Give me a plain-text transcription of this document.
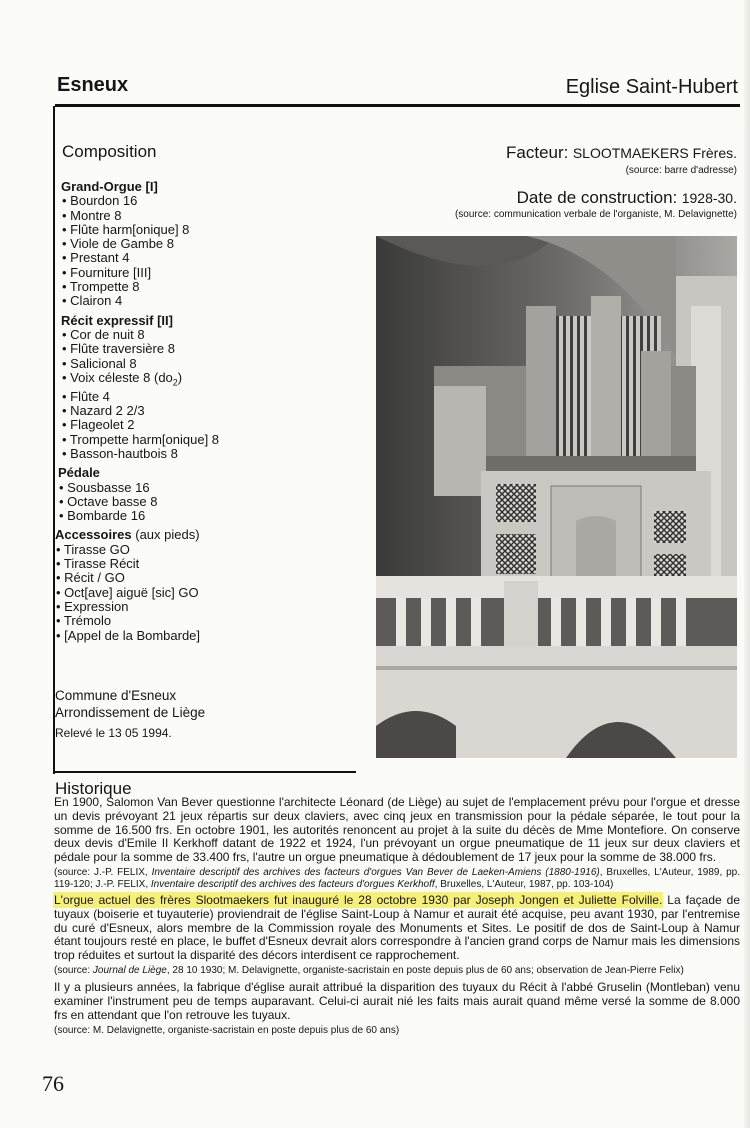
Esneux	Eglise Saint-Hubert
Composition
Grand-Orgue [I]
• Bourdon 16
• Montre 8
• Flûte harm[onique] 8
• Viole de Gambe 8
• Prestant 4
• Fourniture [III]
• Trompette 8
• Clairon 4
Récit expressif [II]
• Cor de nuit 8
• Flûte traversière 8
• Salicional 8
• Voix céleste 8 $(do_2)$
• Flûte 4
• Nazard 2 2/3
• Flageolet 2
• Trompette harm[onique] 8
• Basson-hautbois 8
Pédale
• Sousbasse 16
• Octave basse 8
• Bombarde 16
Accessoires (aux pieds)
• Tirasse GO
• Tirasse Récit
• Récit / GO
• Oct[ave] aiguë [sic] GO
• Expression
• Trémolo
• [Appel de la Bombarde]
Commune d'Esneux
Arrondissement de Liège
Relevé le 13 05 1994.
Facteur: SLOOTMAEKERS Frères.
(source: barre d'adresse)
Date de construction: 1928-30.
(source: communication verbale de l'organiste, M. Delavignette)
Historique

En 1900, Salomon Van Bever questionne l'architecte Léonard (de Liège) au sujet de l'emplacement prévu pour l'orgue et dresse un devis prévoyant 21 jeux répartis sur deux claviers, avec cinq jeux en transmission pour la pédale séparée, le tout pour la somme de 16.500 frs. En octobre 1901, les autorités renoncent au projet à la suite du décès de Mme Montefiore. On conserve deux devis d'Emile II Kerkhoff datant de 1922 et 1924, l'un prévoyant un orgue pneumatique de 11 jeux sur deux claviers et pédale pour la somme de 33.400 frs, l'autre un orgue pneumatique à dédoublement de 17 jeux pour la somme de 38.000 frs.

(source: J.-P. FELIX, Inventaire descriptif des archives des facteurs d'orgues Van Bever de Laeken-Amiens (1880-1916), Bruxelles, L'Auteur, 1989, pp. 119-120; J.-P. FELIX, Inventaire descriptif des archives des facteurs d'orgues Kerkhoff, Bruxelles, L'Auteur, 1987, pp. 103-104)

L'orgue actuel des frères Slootmaekers fut inauguré le 28 octobre 1930 par Joseph Jongen et Juliette Folville. La façade de tuyaux (boiserie et tuyauterie) proviendrait de l'église Saint-Loup à Namur et aurait été acquise, peu avant 1930, par l'entremise du curé d'Esneux, alors membre de la Commission royale des Monuments et Sites. Le positif de dos de Saint-Loup à Namur étant toujours resté en place, le buffet d'Esneux devrait alors correspondre à l'ancien grand corps de Namur mais les dimensions trop réduites et surtout la disparité des décors interdisent ce rapprochement.

(source: Journal de Liège, 28 10 1930; M. Delavignette, organiste-sacristain en poste depuis plus de 60 ans; observation de Jean-Pierre Felix)

Il y a plusieurs années, la fabrique d'église aurait attribué la disparition des tuyaux du Récit à l'abbé Gruselin (Montleban) venu examiner l'instrument peu de temps auparavant. Celui-ci aurait nié les faits mais aurait quand même versé la somme de 8.000 frs en attendant que l'on retrouve les tuyaux.

(source: M. Delavignette, organiste-sacristain en poste depuis plus de 60 ans)

76
